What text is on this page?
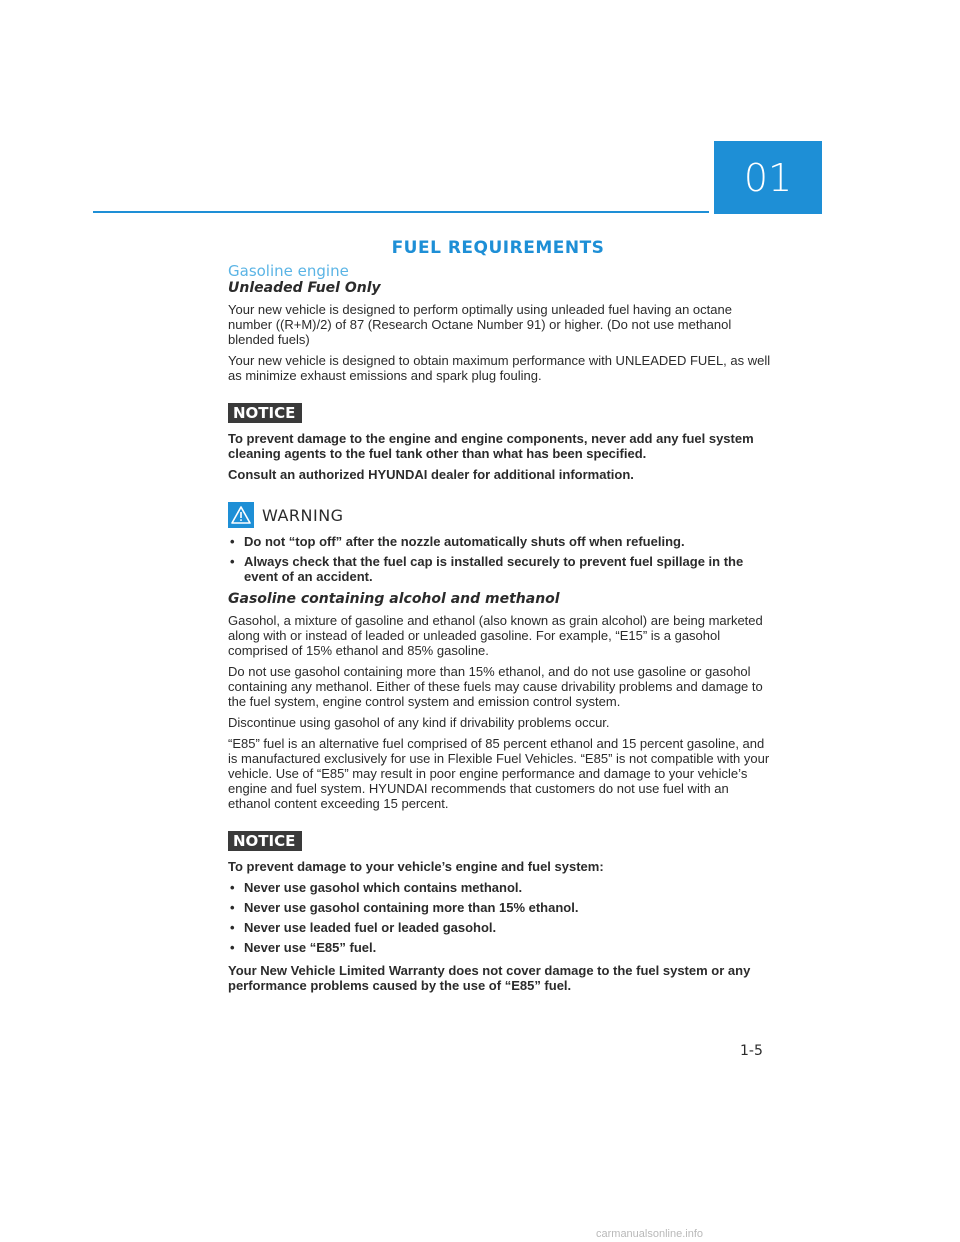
01
FUEL REQUIREMENTS
Gasoline engine
Unleaded Fuel Only

Your new vehicle is designed to perform optimally using unleaded fuel having an octane number ((R+M)/2) of 87 (Research Octane Number 91) or higher. (Do not use methanol blended fuels)

Your new vehicle is designed to obtain maximum performance with UNLEADED FUEL, as well as minimize exhaust emissions and spark plug fouling.

NOTICE

To prevent damage to the engine and engine components, never add any fuel system cleaning agents to the fuel tank other than what has been specified.

Consult an authorized HYUNDAI dealer for additional information.

WARNING
• Do not “top off” after the nozzle automatically shuts off when refueling.
• Always check that the fuel cap is installed securely to prevent fuel spillage in the event of an accident.
Gasoline containing alcohol and methanol

Gasohol, a mixture of gasoline and ethanol (also known as grain alcohol) are being marketed along with or instead of leaded or unleaded gasoline. For example, “E15” is a gasohol comprised of 15% ethanol and 85% gasoline.

Do not use gasohol containing more than 15% ethanol, and do not use gasoline or gasohol containing any methanol. Either of these fuels may cause drivability problems and damage to the fuel system, engine control system and emission control system.

Discontinue using gasohol of any kind if drivability problems occur.

“E85” fuel is an alternative fuel comprised of 85 percent ethanol and 15 percent gasoline, and is manufactured exclusively for use in Flexible Fuel Vehicles. “E85” is not compatible with your vehicle. Use of “E85” may result in poor engine performance and damage to your vehicle’s engine and fuel system. HYUNDAI recommends that customers do not use fuel with an ethanol content exceeding 15 percent.

NOTICE

To prevent damage to your vehicle’s engine and fuel system:

• Never use gasohol which contains methanol.
• Never use gasohol containing more than 15% ethanol.
• Never use leaded fuel or leaded gasohol.
• Never use “E85” fuel.

Your New Vehicle Limited Warranty does not cover damage to the fuel system or any performance problems caused by the use of “E85” fuel.

1-5
carmanualsonline.info
